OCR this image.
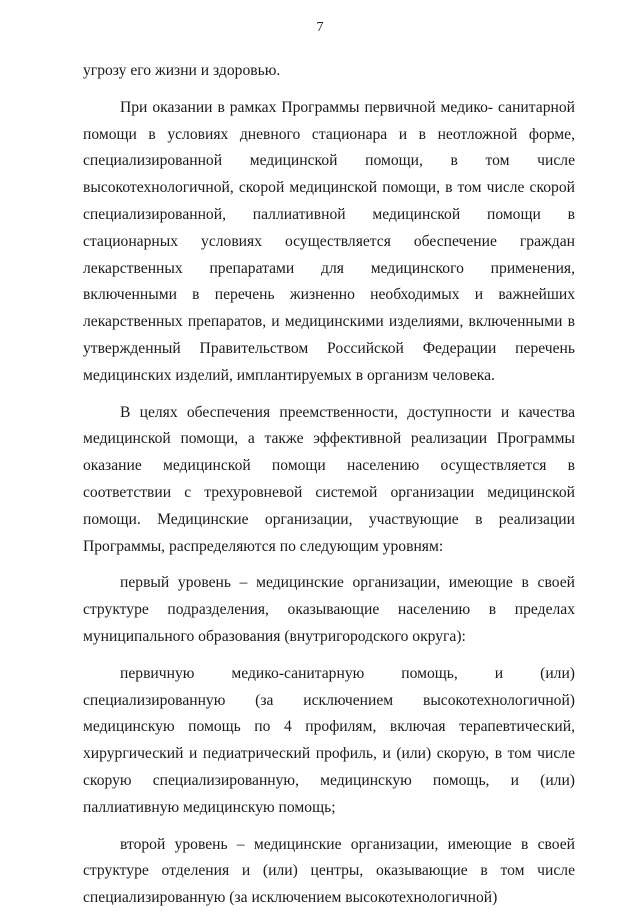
7

угрозу его жизни и здоровью.

При оказании в рамках Программы первичной медико- санитарной помощи в условиях дневного стационара и в неотложной форме, специализированной медицинской помощи, в том числе высокотехнологичной, скорой медицинской помощи, в том числе скорой специализированной, паллиативной медицинской помощи в стационарных условиях осуществляется обеспечение граждан лекарственных препаратами для медицинского применения, включенными в перечень жизненно необходимых и важнейших лекарственных препаратов, и медицинскими изделиями, включенными в утвержденный Правительством Российской Федерации перечень медицинских изделий, имплантируемых в организм человека.

В целях обеспечения преемственности, доступности и качества медицинской помощи, а также эффективной реализации Программы оказание медицинской помощи населению осуществляется в соответствии с трехуровневой системой организации медицинской помощи. Медицинские организации, участвующие в реализации Программы, распределяются по следующим уровням:

первый уровень – медицинские организации, имеющие в своей структуре подразделения, оказывающие населению в пределах муниципального образования (внутригородского округа):

первичную медико-санитарную помощь, и (или) специализированную (за исключением высокотехнологичной) медицинскую помощь по 4 профилям, включая терапевтический, хирургический и педиатрический профиль, и (или) скорую, в том числе скорую специализированную, медицинскую помощь, и (или) паллиативную медицинскую помощь;

второй уровень – медицинские организации, имеющие в своей структуре отделения и (или) центры, оказывающие в том числе специализированную (за исключением высокотехнологичной)
